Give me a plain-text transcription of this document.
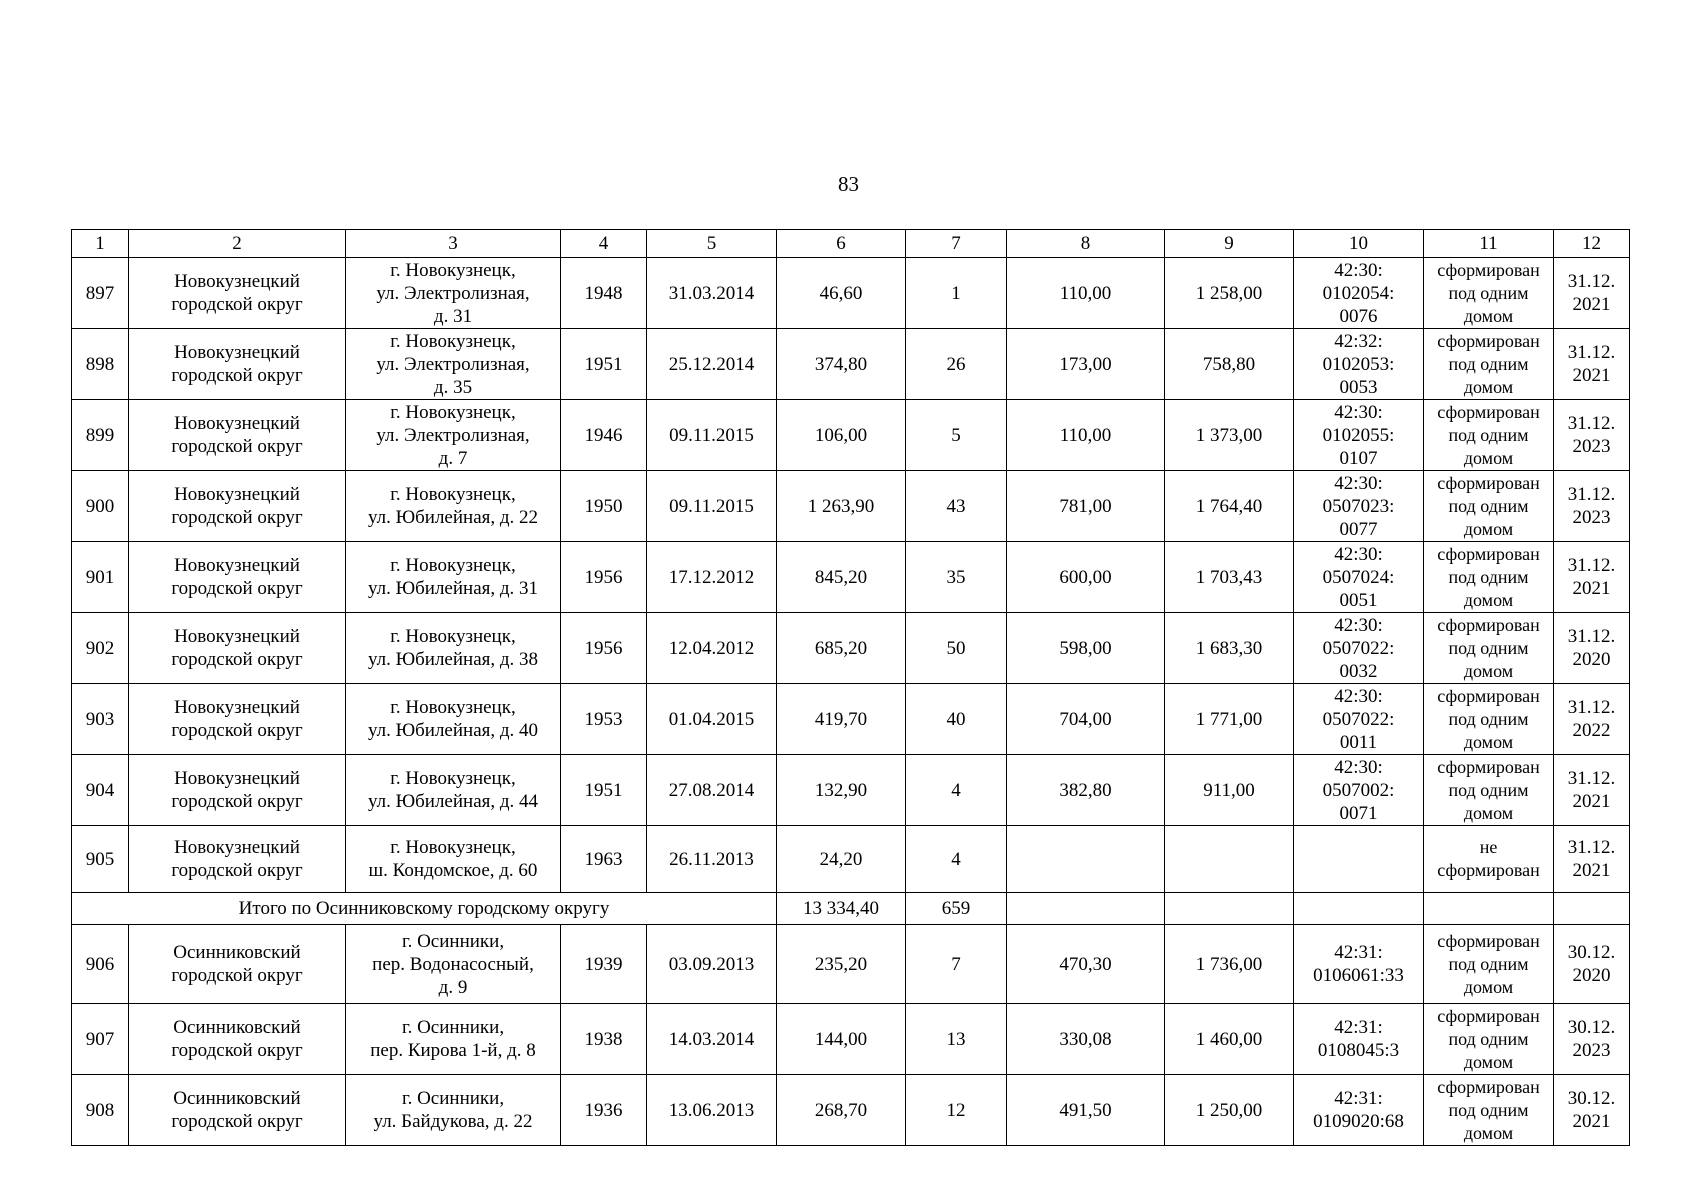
83
1	2	3	4	5	6	7	8	9	10	11	12
897	Новокузнецкий
городской округ	г. Новокузнецк,
ул. Электролизная,
д. 31	1948	31.03.2014	46,60	1	110,00	1 258,00	42:30:
0102054:
0076	сформирован
под одним
домом	31.12.
2021

898	Новокузнецкий
городской округ	г. Новокузнецк,
ул. Электролизная,
д. 35	1951	25.12.2014	374,80	26	173,00	758,80	42:32:
0102053:
0053	сформирован
под одним
домом	31.12.
2021

899	Новокузнецкий
городской округ	г. Новокузнецк,
ул. Электролизная,
д. 7	1946	09.11.2015	106,00	5	110,00	1 373,00	42:30:
0102055:
0107	сформирован
под одним
домом	31.12.
2023

900	Новокузнецкий
городской округ	г. Новокузнецк,
ул. Юбилейная, д. 22	1950	09.11.2015	1 263,90	43	781,00	1 764,40	42:30:
0507023:
0077	сформирован
под одним
домом	31.12.
2023

901	Новокузнецкий
городской округ	г. Новокузнецк,
ул. Юбилейная, д. 31	1956	17.12.2012	845,20	35	600,00	1 703,43	42:30:
0507024:
0051	сформирован
под одним
домом	31.12.
2021

902	Новокузнецкий
городской округ	г. Новокузнецк,
ул. Юбилейная, д. 38	1956	12.04.2012	685,20	50	598,00	1 683,30	42:30:
0507022:
0032	сформирован
под одним
домом	31.12.
2020

903	Новокузнецкий
городской округ	г. Новокузнецк,
ул. Юбилейная, д. 40	1953	01.04.2015	419,70	40	704,00	1 771,00	42:30:
0507022:
0011	сформирован
под одним
домом	31.12.
2022

904	Новокузнецкий
городской округ	г. Новокузнецк,
ул. Юбилейная, д. 44	1951	27.08.2014	132,90	4	382,80	911,00	42:30:
0507002:
0071	сформирован
под одним
домом	31.12.
2021

905	Новокузнецкий
городской округ	г. Новокузнецк,
ш. Кондомское, д. 60	1963	26.11.2013	24,20	4				не
сформирован	31.12.
2021

Итого по Осинниковскому городскому округу					13 334,40	659					
906	Осинниковский
городской округ	г. Осинники,
пер. Водонасосный,
д. 9	1939	03.09.2013	235,20	7	470,30	1 736,00	42:31:
0106061:33	сформирован
под одним
домом	30.12.
2020

907	Осинниковский
городской округ	г. Осинники,
пер. Кирова 1-й, д. 8	1938	14.03.2014	144,00	13	330,08	1 460,00	42:31:
0108045:3	сформирован
под одним
домом	30.12.
2023

908	Осинниковский
городской округ	г. Осинники,
ул. Байдукова, д. 22	1936	13.06.2013	268,70	12	491,50	1 250,00	42:31:
0109020:68	сформирован
под одним
домом	30.12.
2021
